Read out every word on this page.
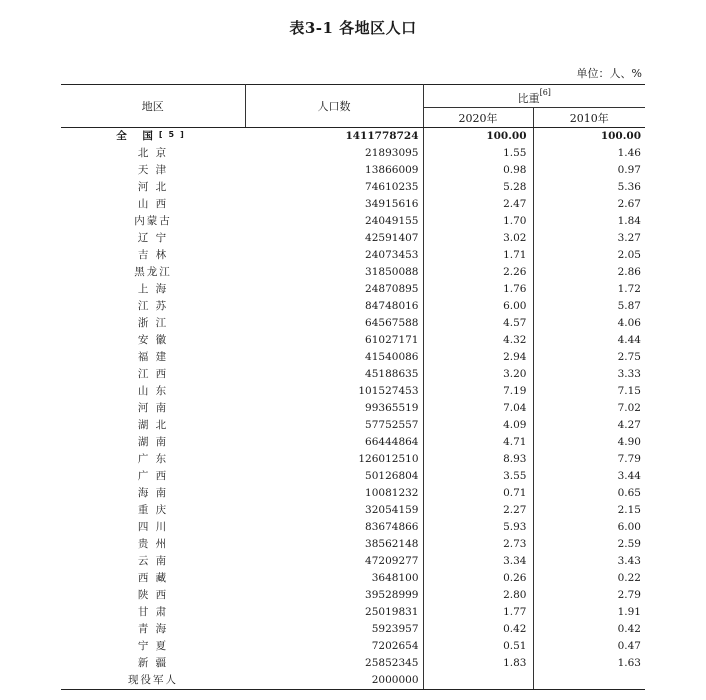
表3-1 各地区人口
单位：人、%
地区	人口数	比重[6]
		2020年	2010年
全 国[5]	1411778724	100.00	100.00
北 京	21893095	1.55	1.46
天 津	13866009	0.98	0.97
河 北	74610235	5.28	5.36
山 西	34915616	2.47	2.67
内蒙古	24049155	1.70	1.84
辽 宁	42591407	3.02	3.27
吉 林	24073453	1.71	2.05
黑龙江	31850088	2.26	2.86
上 海	24870895	1.76	1.72
江 苏	84748016	6.00	5.87
浙 江	64567588	4.57	4.06
安 徽	61027171	4.32	4.44
福 建	41540086	2.94	2.75
江 西	45188635	3.20	3.33
山 东	101527453	7.19	7.15
河 南	99365519	7.04	7.02
湖 北	57752557	4.09	4.27
湖 南	66444864	4.71	4.90
广 东	126012510	8.93	7.79
广 西	50126804	3.55	3.44
海 南	10081232	0.71	0.65
重 庆	32054159	2.27	2.15
四 川	83674866	5.93	6.00
贵 州	38562148	2.73	2.59
云 南	47209277	3.34	3.43
西 藏	3648100	0.26	0.22
陕 西	39528999	2.80	2.79
甘 肃	25019831	1.77	1.91
青 海	5923957	0.42	0.42
宁 夏	7202654	0.51	0.47
新 疆	25852345	1.83	1.63
现役军人	2000000		
